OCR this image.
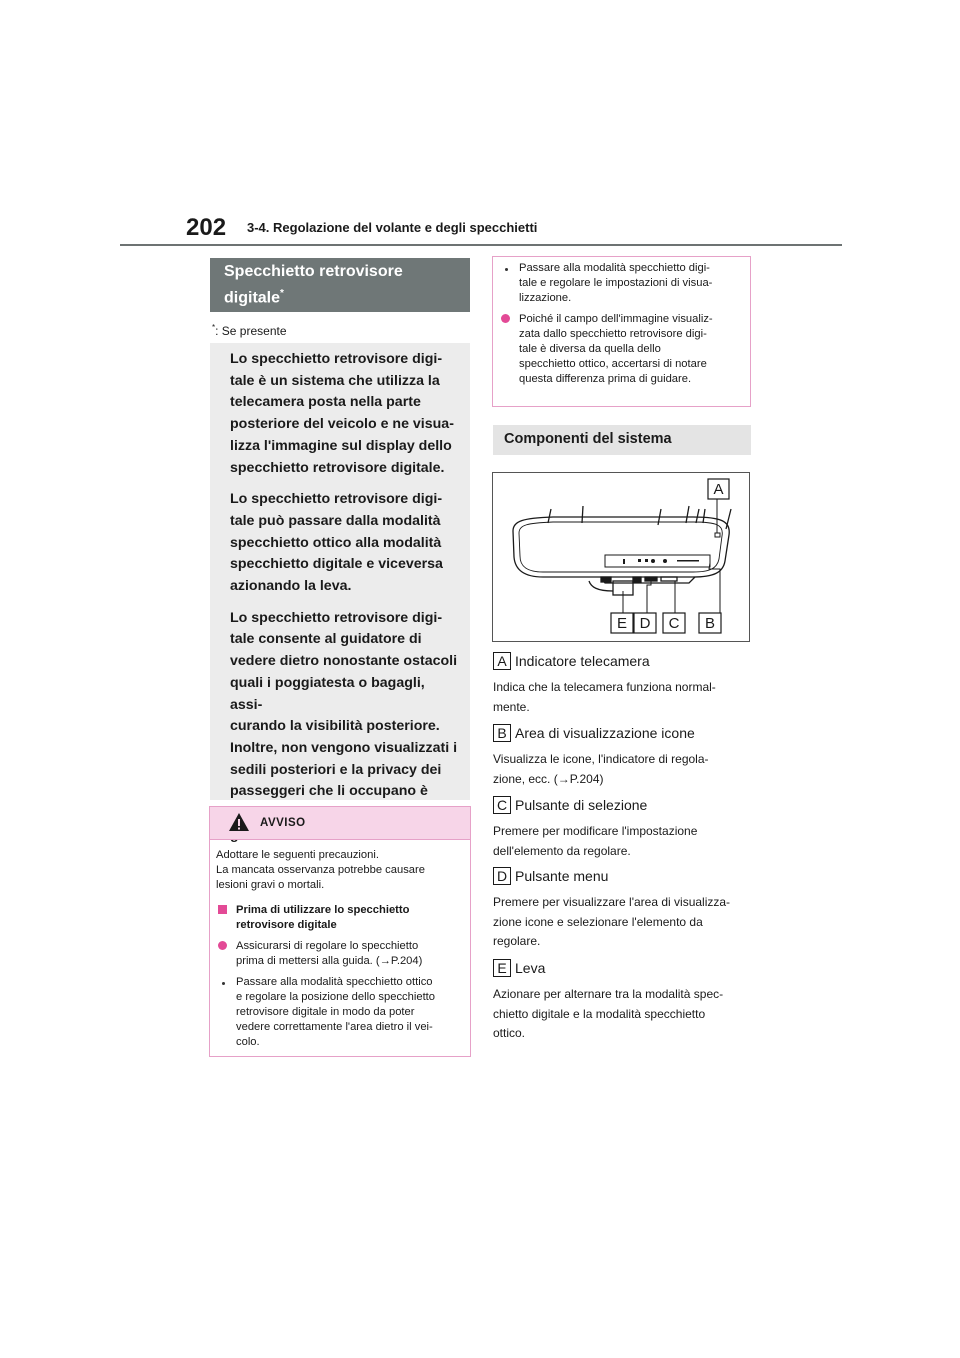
202 3-4. Regolazione del volante e degli specchietti
Specchietto retrovisore
digitale*
*: Se presente

Lo specchietto retrovisore digi-
tale è un sistema che utilizza la
telecamera posta nella parte
posteriore del veicolo e ne visua-
lizza l'immagine sul display dello
specchietto retrovisore digitale.

Lo specchietto retrovisore digi-
tale può passare dalla modalità
specchietto ottico alla modalità
specchietto digitale e viceversa
azionando la leva.

Lo specchietto retrovisore digi-
tale consente al guidatore di
vedere dietro nonostante ostacoli
quali i poggiatesta o bagagli, assi-
curando la visibilità posteriore.
Inoltre, non vengono visualizzati i
sedili posteriori e la privacy dei
passeggeri che li occupano è

AVVISO
Adottare le seguenti precauzioni.
La mancata osservanza potrebbe causare
lesioni gravi o mortali.
Prima di utilizzare lo specchietto
retrovisore digitale
Assicurarsi di regolare lo specchietto
prima di mettersi alla guida. (→P.204)
Passare alla modalità specchietto ottico
e regolare la posizione dello specchietto
retrovisore digitale in modo da poter
vedere correttamente l'area dietro il vei-
colo.
Passare alla modalità specchietto digi-
tale e regolare le impostazioni di visua-
lizzazione.
Poiché il campo dell'immagine visualiz-
zata dallo specchietto retrovisore digi-
tale è diversa da quella dello
specchietto ottico, accertarsi di notare
questa differenza prima di guidare.
Componenti del sistema
A
E D C B
A Indicatore telecamera
Indica che la telecamera funziona normal-
mente.
B Area di visualizzazione icone
Visualizza le icone, l'indicatore di regola-
zione, ecc. (→P.204)
C Pulsante di selezione
Premere per modificare l'impostazione
dell'elemento da regolare.
D Pulsante menu
Premere per visualizzare l'area di visualizza-
zione icone e selezionare l'elemento da
regolare.
E Leva
Azionare per alternare tra la modalità spec-
chietto digitale e la modalità specchietto
ottico.
